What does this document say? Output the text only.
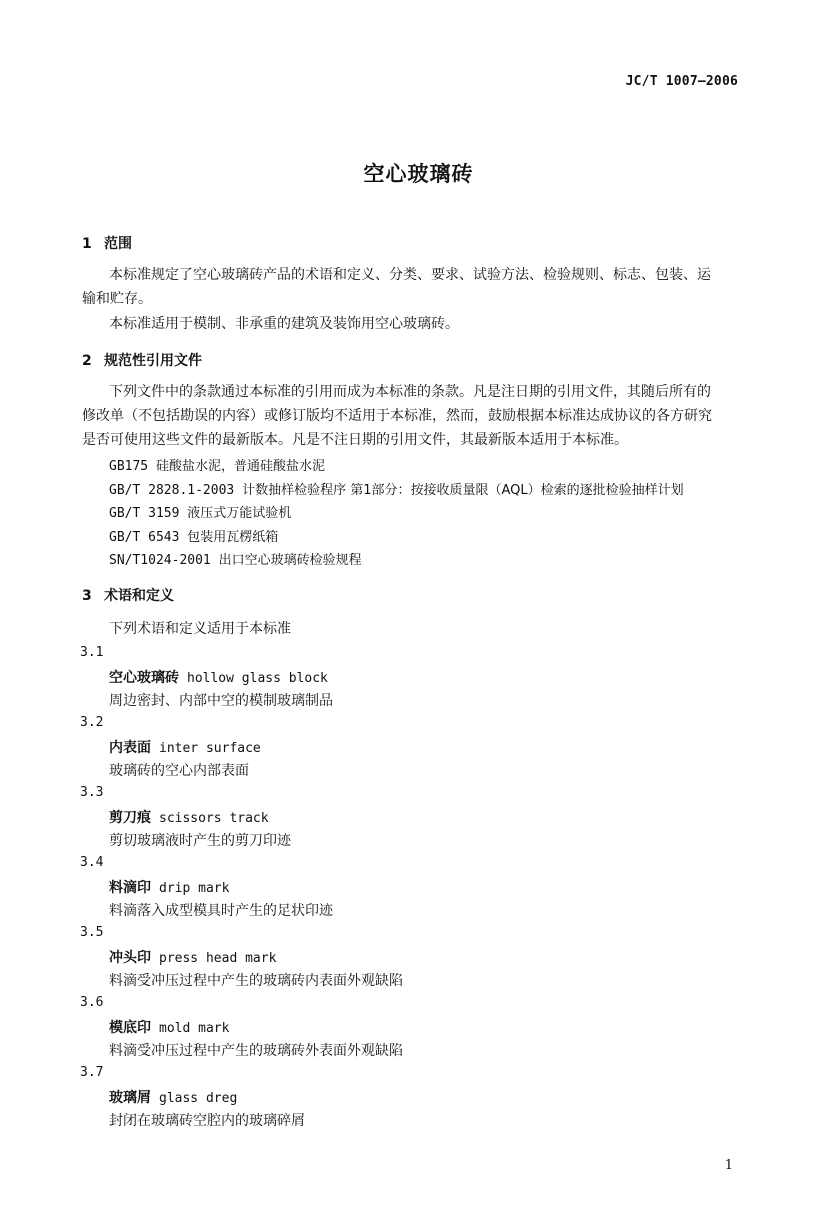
JC/T 1007—2006
空心玻璃砖
1 范围
本标准规定了空心玻璃砖产品的术语和定义、分类、要求、试验方法、检验规则、标志、包装、运
输和贮存。
本标准适用于模制、非承重的建筑及装饰用空心玻璃砖。
2 规范性引用文件
下列文件中的条款通过本标准的引用而成为本标准的条款。凡是注日期的引用文件，其随后所有的
修改单（不包括勘误的内容）或修订版均不适用于本标准，然而，鼓励根据本标准达成协议的各方研究
是否可使用这些文件的最新版本。凡是不注日期的引用文件，其最新版本适用于本标准。
GB175 硅酸盐水泥，普通硅酸盐水泥
GB/T 2828.1-2003 计数抽样检验程序 第1部分：按接收质量限（AQL）检索的逐批检验抽样计划
GB/T 3159 液压式万能试验机
GB/T 6543 包装用瓦楞纸箱
SN/T1024-2001 出口空心玻璃砖检验规程
3 术语和定义
下列术语和定义适用于本标准
3.1
空心玻璃砖 hollow glass block
周边密封、内部中空的模制玻璃制品
3.2
内表面 inter surface
玻璃砖的空心内部表面
3.3
剪刀痕 scissors track
剪切玻璃液时产生的剪刀印迹
3.4
料滴印 drip mark
料滴落入成型模具时产生的足状印迹
3.5
冲头印 press head mark
料滴受冲压过程中产生的玻璃砖内表面外观缺陷
3.6
模底印 mold mark
料滴受冲压过程中产生的玻璃砖外表面外观缺陷
3.7
玻璃屑 glass dreg
封闭在玻璃砖空腔内的玻璃碎屑
1
